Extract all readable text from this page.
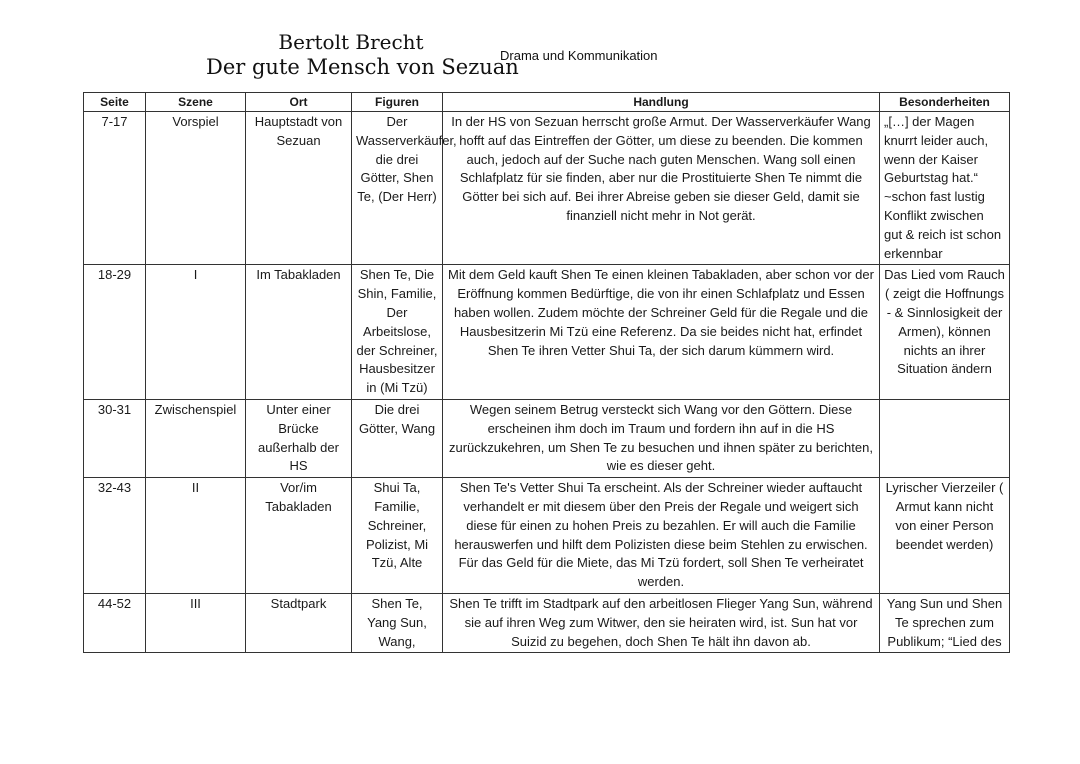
Bertolt Brecht
Der gute Mensch von Sezuan
Drama und Kommunikation
Seite	Szene	Ort	Figuren	Handlung	Besonderheiten
7-17	Vorspiel	Hauptstadt von Sezuan	Der Wasserverkäufer, die drei Götter, Shen Te, (Der Herr)	In der HS von Sezuan herrscht große Armut. Der Wasserverkäufer Wang hofft auf das Eintreffen der Götter, um diese zu beenden. Die kommen auch, jedoch auf der Suche nach guten Menschen. Wang soll einen Schlafplatz für sie finden, aber nur die Prostituierte Shen Te nimmt die Götter bei sich auf. Bei ihrer Abreise geben sie dieser Geld, damit sie finanziell nicht mehr in Not gerät.	„[…] der Magen knurrt leider auch, wenn der Kaiser Geburtstag hat.“ ~schon fast lustig Konflikt zwischen gut & reich ist schon erkennbar
18-29	I	Im Tabakladen	Shen Te, Die Shin, Familie, Der Arbeitslose, der Schreiner, Hausbesitzer in (Mi Tzü)	Mit dem Geld kauft Shen Te einen kleinen Tabakladen, aber schon vor der Eröffnung kommen Bedürftige, die von ihr einen Schlafplatz und Essen haben wollen. Zudem möchte der Schreiner Geld für die Regale und die Hausbesitzerin Mi Tzü eine Referenz. Da sie beides nicht hat, erfindet Shen Te ihren Vetter Shui Ta, der sich darum kümmern wird.	Das Lied vom Rauch ( zeigt die Hoffnungs - & Sinnlosigkeit der Armen), können nichts an ihrer Situation ändern
30-31	Zwischenspiel	Unter einer Brücke außerhalb der HS	Die drei Götter, Wang	Wegen seinem Betrug versteckt sich Wang vor den Göttern. Diese erscheinen ihm doch im Traum und fordern ihn auf in die HS zurückzukehren, um Shen Te zu besuchen und ihnen später zu berichten, wie es dieser geht.	
32-43	II	Vor/im Tabakladen	Shui Ta, Familie, Schreiner, Polizist, Mi Tzü, Alte	Shen Te's Vetter Shui Ta erscheint. Als der Schreiner wieder auftaucht verhandelt er mit diesem über den Preis der Regale und weigert sich diese für einen zu hohen Preis zu bezahlen. Er will auch die Familie herauswerfen und hilft dem Polizisten diese beim Stehlen zu erwischen. Für das Geld für die Miete, das Mi Tzü fordert, soll Shen Te verheiratet werden.	Lyrischer Vierzeiler ( Armut kann nicht von einer Person beendet werden)
44-52	III	Stadtpark	Shen Te, Yang Sun, Wang,	Shen Te trifft im Stadtpark auf den arbeitlosen Flieger Yang Sun, während sie auf ihren Weg zum Witwer, den sie heiraten wird, ist. Sun hat vor Suizid zu begehen, doch Shen Te hält ihn davon ab.	Yang Sun und Shen Te sprechen zum Publikum; “Lied des
